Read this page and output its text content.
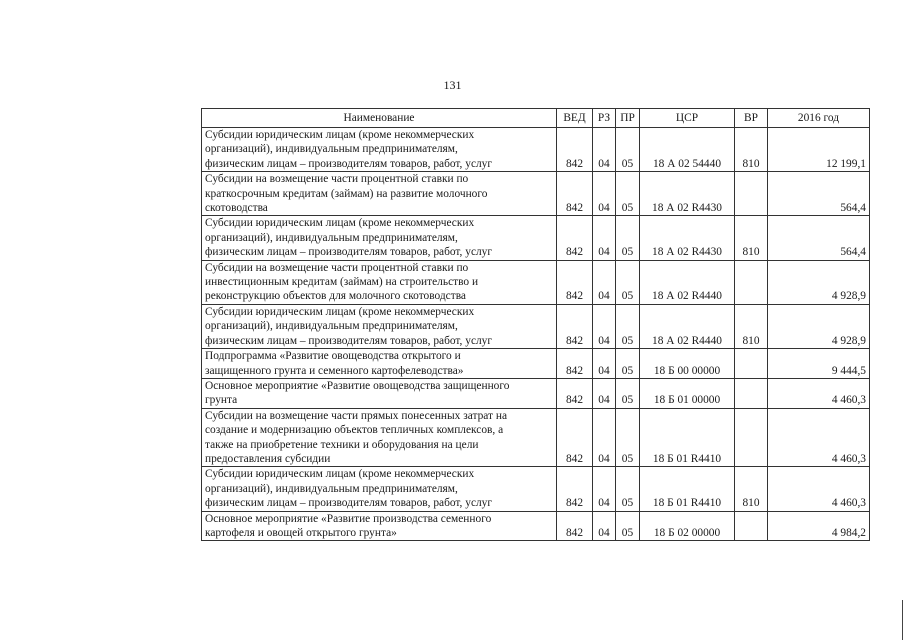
131
Наименование	ВЕД	РЗ	ПР	ЦСР	ВР	2016 год

Субсидии юридическим лицам (кроме некоммерческих
организаций), индивидуальным предпринимателям,
физическим лицам – производителям товаров, работ, услуг	842	04	05	18 А 02 54440	810	12 199,1

Субсидии на возмещение части процентной ставки по
краткосрочным кредитам (займам) на развитие молочного
скотоводства	842	04	05	18 А 02 R4430		564,4

Субсидии юридическим лицам (кроме некоммерческих
организаций), индивидуальным предпринимателям,
физическим лицам – производителям товаров, работ, услуг	842	04	05	18 А 02 R4430	810	564,4

Субсидии на возмещение части процентной ставки по
инвестиционным кредитам (займам) на строительство и
реконструкцию объектов для молочного скотоводства	842	04	05	18 А 02 R4440		4 928,9

Субсидии юридическим лицам (кроме некоммерческих
организаций), индивидуальным предпринимателям,
физическим лицам – производителям товаров, работ, услуг	842	04	05	18 А 02 R4440	810	4 928,9

Подпрограмма «Развитие овощеводства открытого и
защищенного грунта и семенного картофелеводства»	842	04	05	18 Б 00 00000		9 444,5

Основное мероприятие «Развитие овощеводства защищенного
грунта	842	04	05	18 Б 01 00000		4 460,3

Субсидии на возмещение части прямых понесенных затрат на
создание и модернизацию объектов тепличных комплексов, а
также на приобретение техники и оборудования на цели
предоставления субсидии	842	04	05	18 Б 01 R4410		4 460,3

Субсидии юридическим лицам (кроме некоммерческих
организаций), индивидуальным предпринимателям,
физическим лицам – производителям товаров, работ, услуг	842	04	05	18 Б 01 R4410	810	4 460,3

Основное мероприятие «Развитие производства семенного
картофеля и овощей открытого грунта»	842	04	05	18 Б 02 00000		4 984,2
